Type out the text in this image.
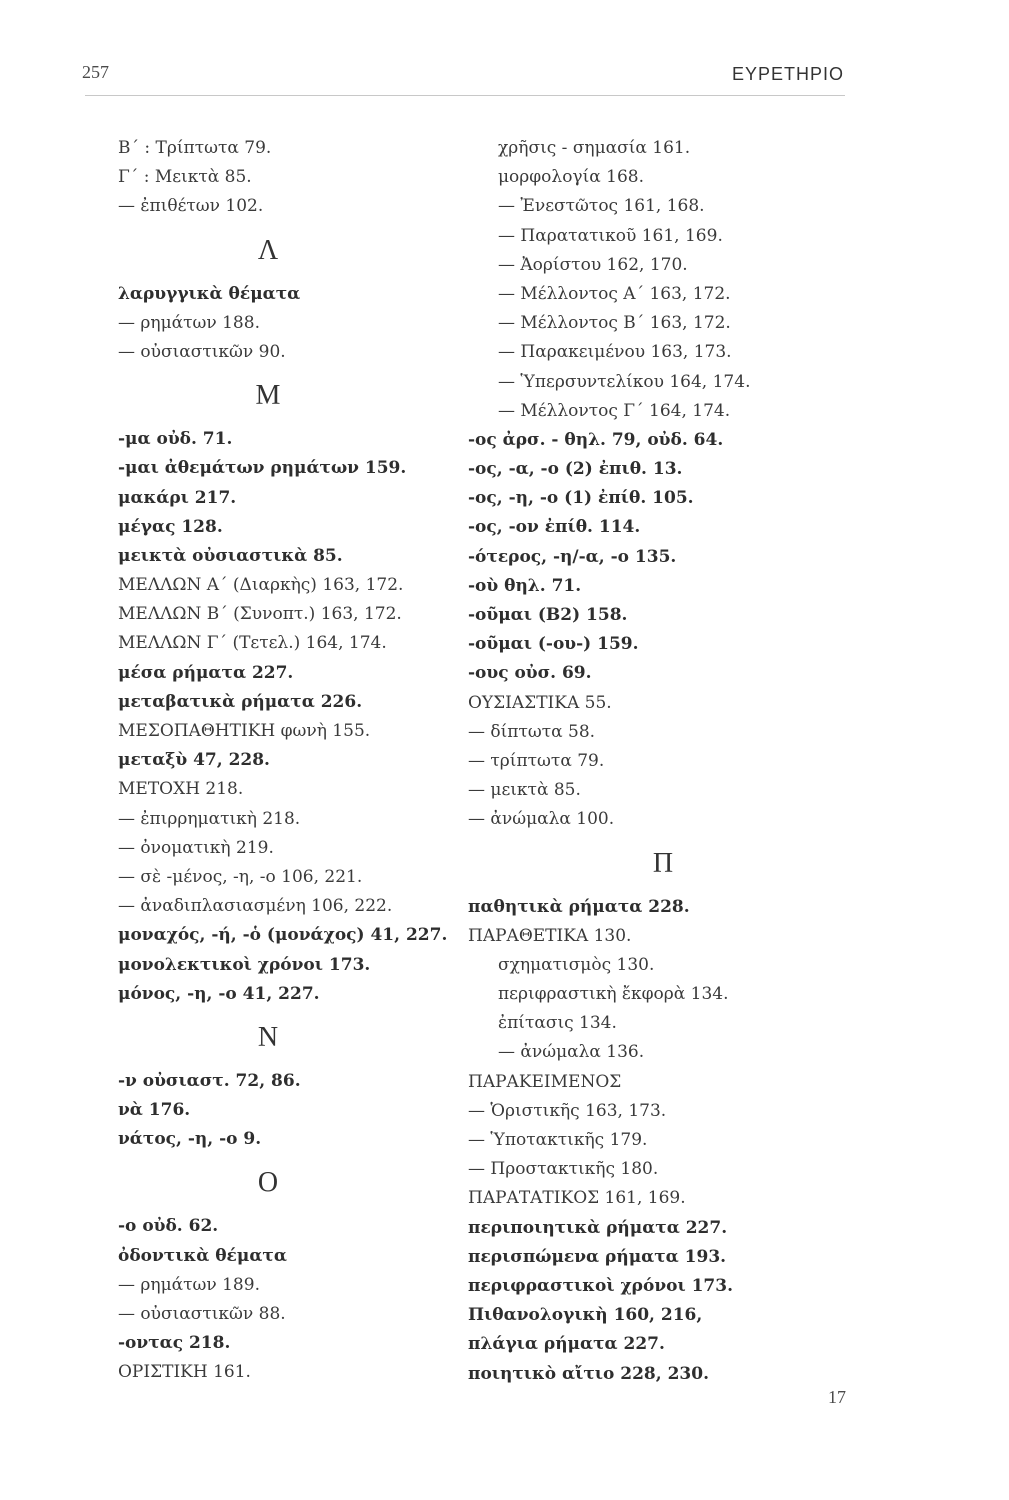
257	ΕΥΡΕΤΗΡΙΟ
Β΄ : Τρίπτωτα 79.
Γ΄ : Μεικτὰ 85.
— ἐπιθέτων 102.
Λ
λαρυγγικὰ θέματα
— ρημάτων 188.
— οὐσιαστικῶν 90.
Μ
-μα οὐδ. 71.
-μαι ἀθεμάτων ρημάτων 159.
μακάρι 217.
μέγας 128.
μεικτὰ οὐσιαστικὰ 85.
ΜΕΛΛΩΝ Α΄ (Διαρκὴς) 163, 172.
ΜΕΛΛΩΝ Β΄ (Συνοπτ.) 163, 172.
ΜΕΛΛΩΝ Γ΄ (Τετελ.) 164, 174.
μέσα ρήματα 227.
μεταβατικὰ ρήματα 226.
ΜΕΣΟΠΑΘΗΤΙΚΗ φωνὴ 155.
μεταξὺ 47, 228.
ΜΕΤΟΧΗ 218.
— ἐπιρρηματικὴ 218.
— ὀνοματικὴ 219.
— σὲ -μένος, -η, -ο 106, 221.
— ἀναδιπλασιασμένη 106, 222.
μοναχός, -ή, -ὁ (μονάχος) 41, 227.
μονολεκτικοὶ χρόνοι 173.
μόνος, -η, -ο 41, 227.
Ν
-ν οὐσιαστ. 72, 86.
νὰ 176.
νάτος, -η, -ο 9.
Ο
-ο οὐδ. 62.
ὀδοντικὰ θέματα
— ρημάτων 189.
— οὐσιαστικῶν 88.
-οντας 218.
ΟΡΙΣΤΙΚΗ 161.
χρῆσις - σημασία 161.
μορφολογία 168.
— Ἐνεστῶτος 161, 168.
— Παρατατικοῦ 161, 169.
— Ἀορίστου 162, 170.
— Μέλλοντος Α΄ 163, 172.
— Μέλλοντος Β΄ 163, 172.
— Παρακειμένου 163, 173.
— Ὑπερσυντελίκου 164, 174.
— Μέλλοντος Γ΄ 164, 174.
-ος ἀρσ. - θηλ. 79, οὐδ. 64.
-ος, -α, -ο (2) ἐπιθ. 13.
-ος, -η, -ο (1) ἐπίθ. 105.
-ος, -ον ἐπίθ. 114.
-ότερος, -η/-α, -ο 135.
-οὺ θηλ. 71.
-οῦμαι (Β2) 158.
-οῦμαι (-ου-) 159.
-ους οὐσ. 69.
ΟΥΣΙΑΣΤΙΚΑ 55.
— δίπτωτα 58.
— τρίπτωτα 79.
— μεικτὰ 85.
— ἀνώμαλα 100.
Π
παθητικὰ ρήματα 228.
ΠΑΡΑΘΕΤΙΚΑ 130.
σχηματισμὸς 130.
περιφραστικὴ ἔκφορὰ 134.
ἐπίτασις 134.
— ἀνώμαλα 136.
ΠΑΡΑΚΕΙΜΕΝΟΣ
— Ὁριστικῆς 163, 173.
— Ὑποτακτικῆς 179.
— Προστακτικῆς 180.
ΠΑΡΑΤΑΤΙΚΟΣ 161, 169.
περιποιητικὰ ρήματα 227.
περισπώμενα ρήματα 193.
περιφραστικοὶ χρόνοι 173.
Πιθανολογικὴ 160, 216,
πλάγια ρήματα 227.
ποιητικὸ αἴτιο 228, 230.
17
